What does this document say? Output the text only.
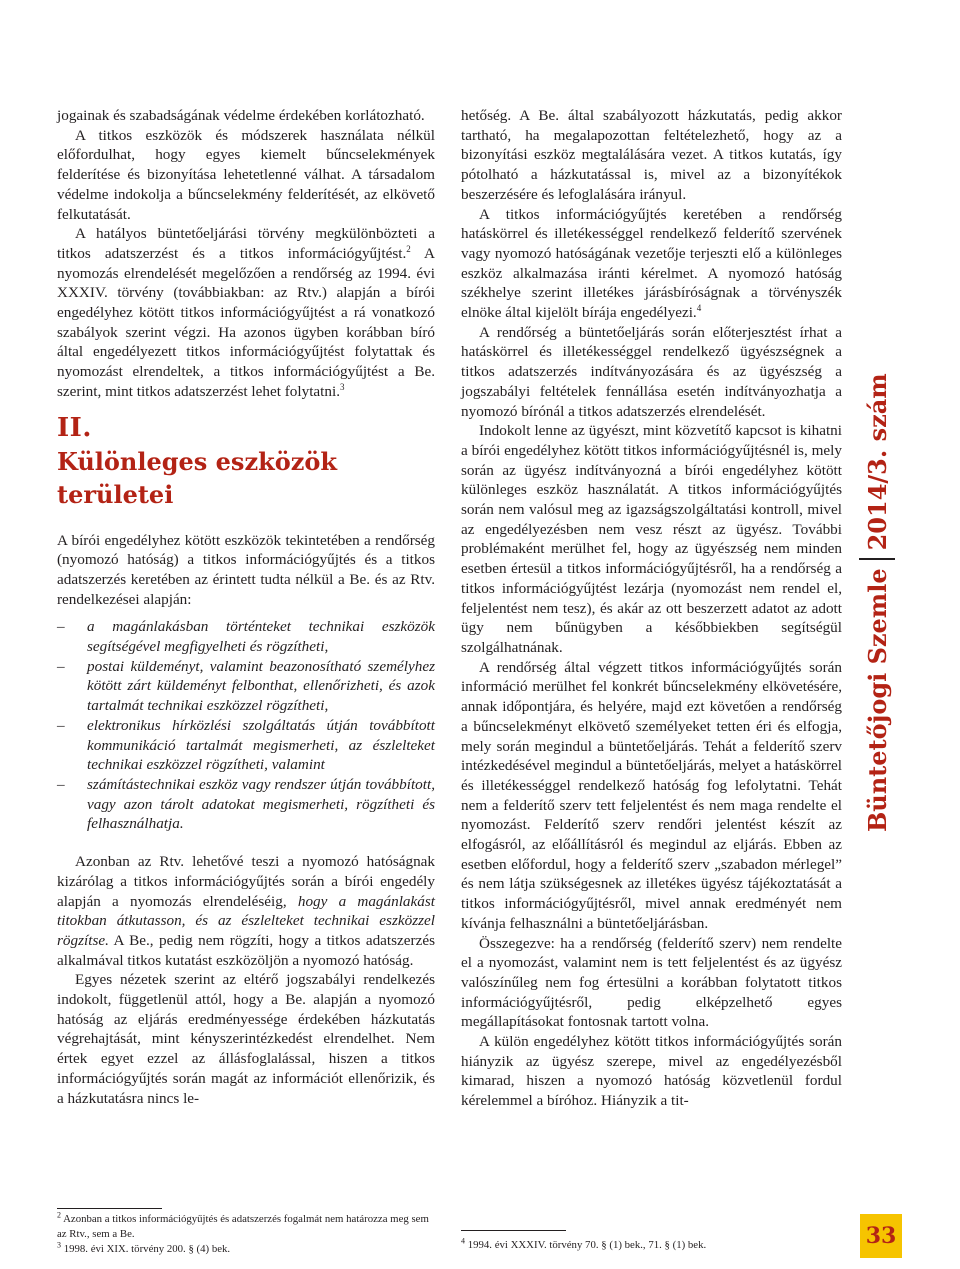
jogainak és szabadságának védelme érdekében korlátozható.

A titkos eszközök és módszerek használata nélkül előfordulhat, hogy egyes kiemelt bűncselekmények felderítése és bizonyítása lehetetlenné válhat. A társadalom védelme indokolja a bűncselekmény felderítését, az elkövető felkutatását.

A hatályos büntetőeljárási törvény megkülönbözteti a titkos adatszerzést és a titkos információgyűjtést.$^2$ A nyomozás elrendelését megelőzően a rendőrség az 1994. évi XXXIV. törvény (továbbiakban: az Rtv.) alapján a bírói engedélyhez kötött titkos információgyűjtést a rá vonatkozó szabályok szerint végzi. Ha azonos ügyben korábban bíró által engedélyezett titkos információgyűjtést folytattak és nyomozást elrendeltek, a titkos információgyűjtést a Be. szerint, mint titkos adatszerzést lehet folytatni.$^3$

II.
Különleges eszközök területei

A bírói engedélyhez kötött eszközök tekintetében a rendőrség (nyomozó hatóság) a titkos információgyűjtés és a titkos adatszerzés keretében az érintett tudta nélkül a Be. és az Rtv. rendelkezései alapján:

– a magánlakásban történteket technikai eszközök segítségével megfigyelheti és rögzítheti,
– postai küldeményt, valamint beazonosítható személyhez kötött zárt küldeményt felbonthat, ellenőrizheti, és azok tartalmát technikai eszközzel rögzítheti,
– elektronikus hírközlési szolgáltatás útján továbbított kommunikáció tartalmát megismerheti, az észlelteket technikai eszközzel rögzítheti, valamint
– számítástechnikai eszköz vagy rendszer útján továbbított, vagy azon tárolt adatokat megismerheti, rögzítheti és felhasználhatja.

Azonban az Rtv. lehetővé teszi a nyomozó hatóságnak kizárólag a titkos információgyűjtés során a bírói engedély alapján a nyomozás elrendeléséig, hogy a magánlakást titokban átkutasson, és az észlelteket technikai eszközzel rögzítse. A Be., pedig nem rögzíti, hogy a titkos adatszerzés alkalmával titkos kutatást eszközöljön a nyomozó hatóság.

Egyes nézetek szerint az eltérő jogszabályi rendelkezés indokolt, függetlenül attól, hogy a Be. alapján a nyomozó hatóság az eljárás eredményessége érdekében házkutatás végrehajtását, mint kényszerintézkedést elrendelhet. Nem értek egyet ezzel az állásfoglalással, hiszen a titkos információgyűjtés során magát az információt ellenőrizik, és a házkutatásra nincs le-

$^2$ Azonban a titkos információgyűjtés és adatszerzés fogalmát nem határozza meg sem az Rtv., sem a Be.

$^3$ 1998. évi XIX. törvény 200. § (4) bek.

hetőség. A Be. által szabályozott házkutatás, pedig akkor tartható, ha megalapozottan feltételezhető, hogy az a bizonyítási eszköz megtalálására vezet. A titkos kutatás, így pótolható a házkutatással is, mivel az a bizonyítékok beszerzésére és lefoglalására irányul.

A titkos információgyűjtés keretében a rendőrség hatáskörrel és illetékességgel rendelkező felderítő szervének vagy nyomozó hatóságának vezetője terjeszti elő a különleges eszköz alkalmazása iránti kérelmet. A nyomozó hatóság székhelye szerint illetékes járásbíróságnak a törvényszék elnöke által kijelölt bírája engedélyezi.$^4$

A rendőrség a büntetőeljárás során előterjesztést írhat a hatáskörrel és illetékességgel rendelkező ügyészségnek a titkos adatszerzés indítványozására és az ügyészség a jogszabályi feltételek fennállása esetén indítványozhatja a nyomozó bírónál a titkos adatszerzés elrendelését.

Indokolt lenne az ügyészt, mint közvetítő kapcsot is kihatni a bírói engedélyhez kötött titkos információgyűjtésnél is, mely során az ügyész indítványozná a bírói engedélyhez kötött különleges eszköz használatát. A titkos információgyűjtés során nem valósul meg az igazságszolgáltatási kontroll, mivel az engedélyezésben nem vesz részt az ügyész. További problémaként merülhet fel, hogy az ügyészség nem minden esetben értesül a titkos információgyűjtésről, ha a rendőrség a titkos információgyűjtést lezárja (nyomozást nem rendel el, feljelentést nem tesz), és akár az ott beszerzett adatot az adott ügy nem bűnügyben a későbbiekben segítségül szolgálhatnának.

A rendőrség által végzett titkos információgyűjtés során információ merülhet fel konkrét bűncselekmény elkövetésére, annak időpontjára, és helyére, majd ezt követően a rendőrség a bűncselekményt elkövető személyeket tetten éri és elfogja, mely során megindul a büntetőeljárás. Tehát a felderítő szerv intézkedésével megindul a büntetőeljárás, melyet a hatáskörrel és illetékességgel rendelkező hatóság fog lefolytatni. Tehát nem a felderítő szerv tett feljelentést és nem maga rendelte el nyomozást. Felderítő szerv rendőri jelentést készít az elfogásról, az előállításról és megindul az eljárás. Ebben az esetben előfordul, hogy a felderítő szerv „szabadon mérlegel” és nem látja szükségesnek az illetékes ügyész tájékoztatását a titkos információgyűjtésről, mivel annak eredményét nem kívánja felhasználni a büntetőeljárásban.

Összegezve: ha a rendőrség (felderítő szerv) nem rendelte el a nyomozást, valamint nem is tett feljelentést és az ügyész valószínűleg nem fog értesülni a korábban folytatott titkos információgyűjtésről, pedig elképzelhető egyes megállapításokat fontosnak tartott volna.

A külön engedélyhez kötött titkos információgyűjtés során hiányzik az ügyész szerepe, mivel az engedélyezésből kimarad, hiszen a nyomozó hatóság közvetlenül fordul kérelemmel a bíróhoz. Hiányzik a tit-

$^4$ 1994. évi XXXIV. törvény 70. § (1) bek., 71. § (1) bek.

Büntetőjogi Szemle
2014/3. szám
33
